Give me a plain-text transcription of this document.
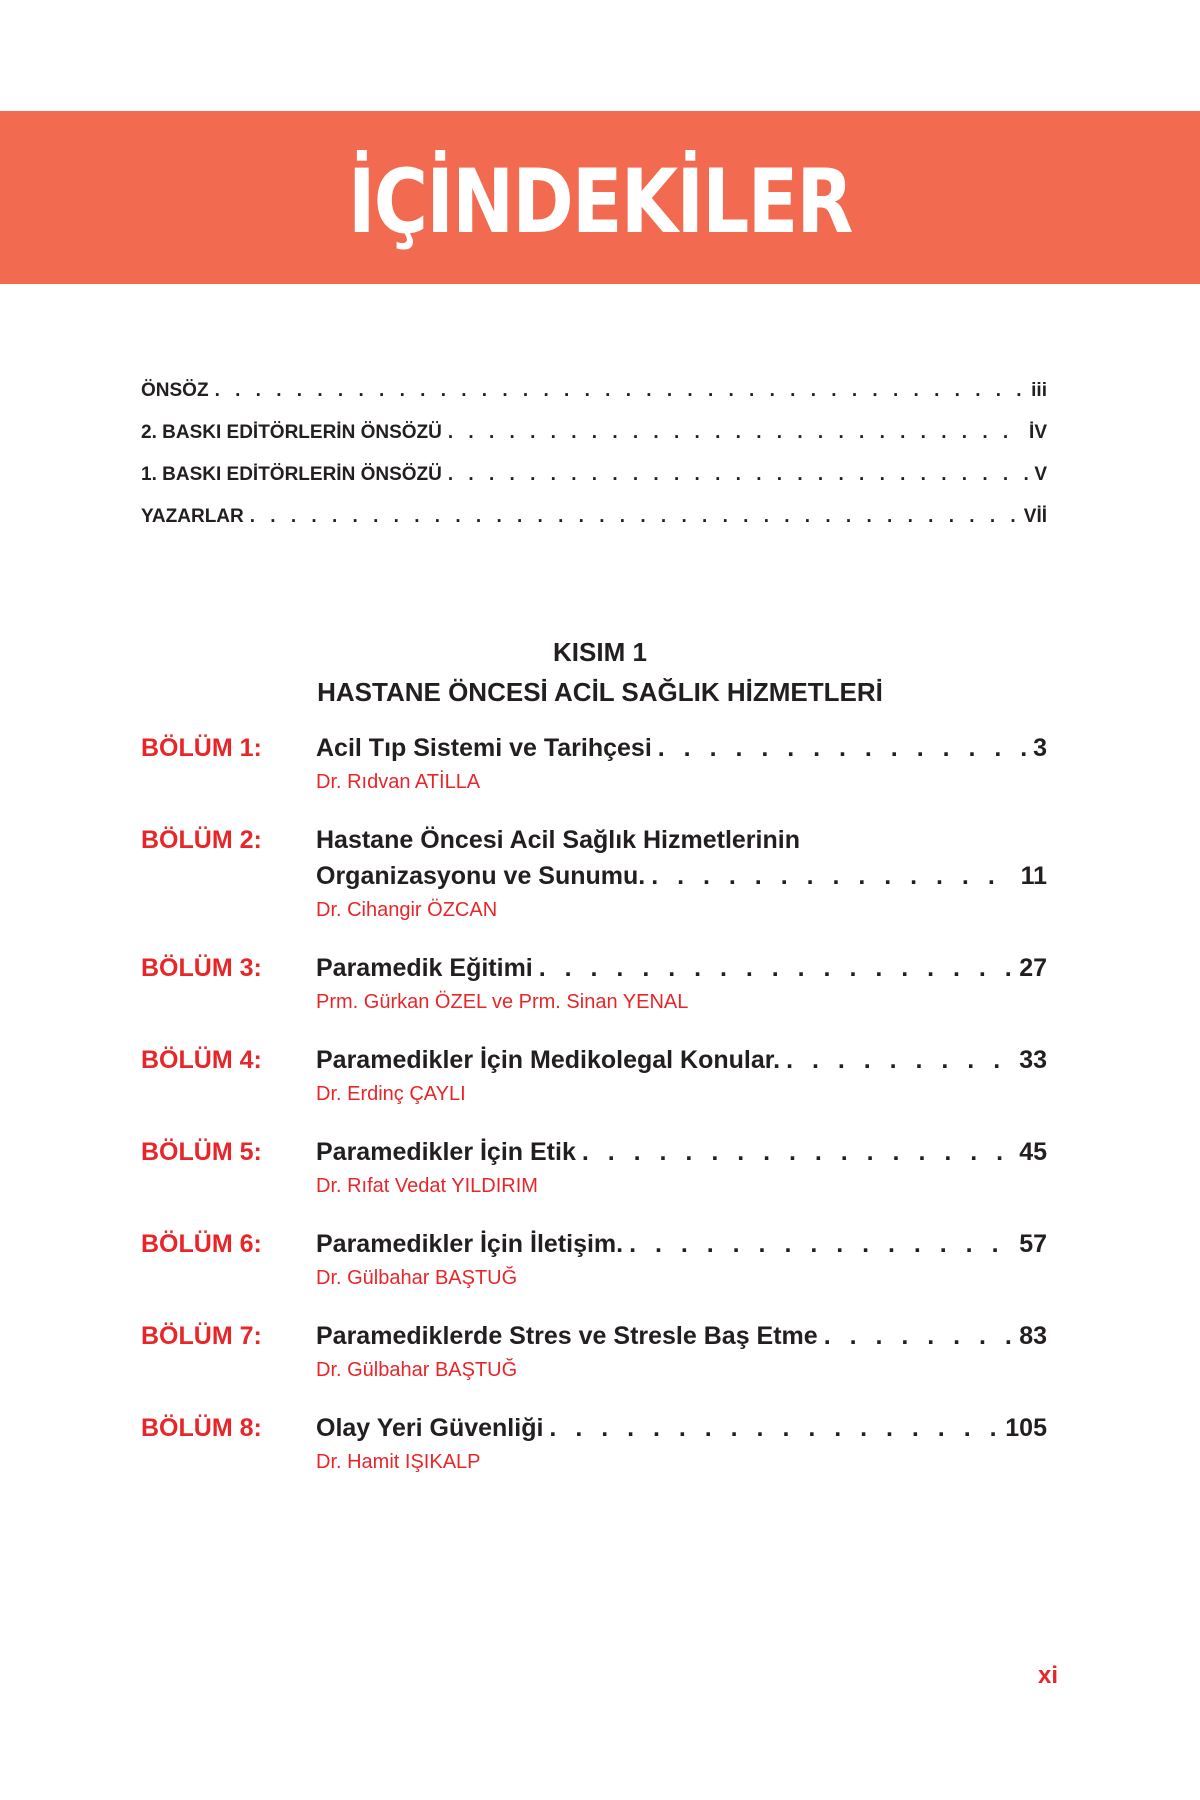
İÇİNDEKİLER
ÖNSÖZ . . .	iii
2. BASKI EDİTÖRLERİN ÖNSÖZÜ . . .	İV
1. BASKI EDİTÖRLERİN ÖNSÖZÜ . . .	V
YAZARLAR . . .	Vİİ
KISIM 1
HASTANE ÖNCESİ ACİL SAĞLIK HİZMETLERİ
BÖLÜM 1: Acil Tıp Sistemi ve Tarihçesi . . .	3
Dr. Rıdvan ATİLLA
BÖLÜM 2: Hastane Öncesi Acil Sağlık Hizmetlerinin
Organizasyonu ve Sunumu. . . .	11
Dr. Cihangir ÖZCAN
BÖLÜM 3: Paramedik Eğitimi . . .	27
Prm. Gürkan ÖZEL ve Prm. Sinan YENAL
BÖLÜM 4: Paramedikler İçin Medikolegal Konular. . . .	33
Dr. Erdinç ÇAYLI
BÖLÜM 5: Paramedikler İçin Etik . . .	45
Dr. Rıfat Vedat YILDIRIM
BÖLÜM 6: Paramedikler İçin İletişim. . . .	57
Dr. Gülbahar BAŞTUĞ
BÖLÜM 7: Paramediklerde Stres ve Stresle Baş Etme . . .	83
Dr. Gülbahar BAŞTUĞ
BÖLÜM 8: Olay Yeri Güvenliği . . .	105
Dr. Hamit IŞIKALP
xi
